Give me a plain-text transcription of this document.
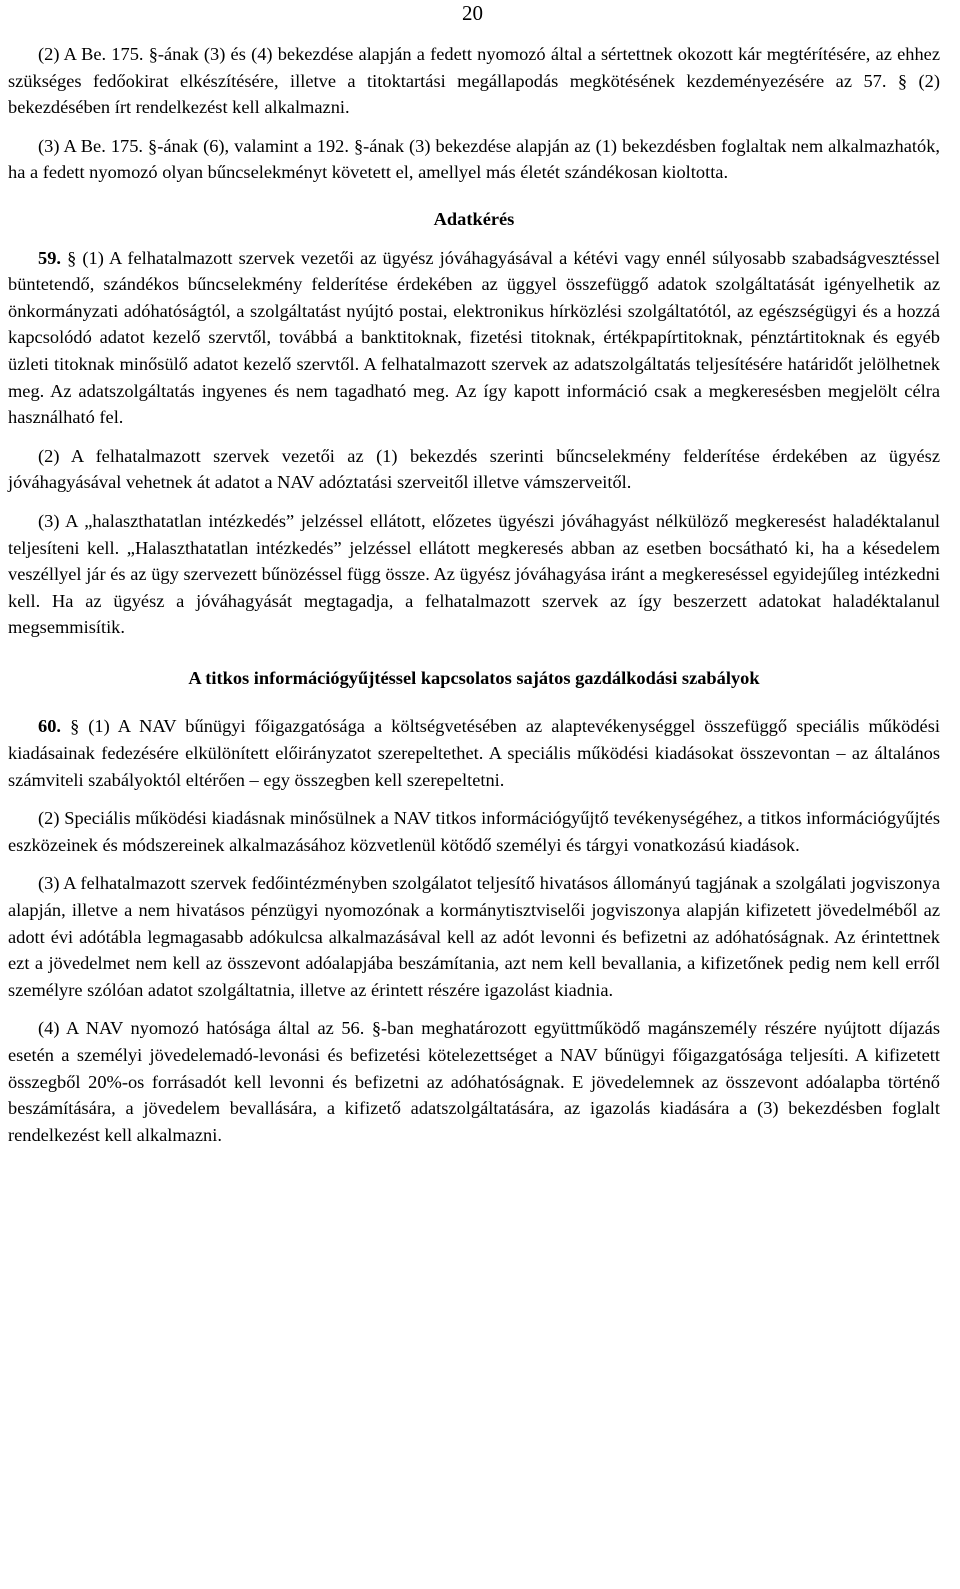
20

(2) A Be. 175. §-ának (3) és (4) bekezdése alapján a fedett nyomozó által a sértettnek okozott kár megtérítésére, az ehhez szükséges fedőokirat elkészítésére, illetve a titoktartási megállapodás megkötésének kezdeményezésére az 57. § (2) bekezdésében írt rendelkezést kell alkalmazni.

(3) A Be. 175. §-ának (6), valamint a 192. §-ának (3) bekezdése alapján az (1) bekezdésben foglaltak nem alkalmazhatók, ha a fedett nyomozó olyan bűncselekményt követett el, amellyel más életét szándékosan kioltotta.

Adatkérés

59. § (1) A felhatalmazott szervek vezetői az ügyész jóváhagyásával a kétévi vagy ennél súlyosabb szabadságvesztéssel büntetendő, szándékos bűncselekmény felderítése érdekében az üggyel összefüggő adatok szolgáltatását igényelhetik az önkormányzati adóhatóságtól, a szolgáltatást nyújtó postai, elektronikus hírközlési szolgáltatótól, az egészségügyi és a hozzá kapcsolódó adatot kezelő szervtől, továbbá a banktitoknak, fizetési titoknak, értékpapírtitoknak, pénztártitoknak és egyéb üzleti titoknak minősülő adatot kezelő szervtől. A felhatalmazott szervek az adatszolgáltatás teljesítésére határidőt jelölhetnek meg. Az adatszolgáltatás ingyenes és nem tagadható meg. Az így kapott információ csak a megkeresésben megjelölt célra használható fel.

(2) A felhatalmazott szervek vezetői az (1) bekezdés szerinti bűncselekmény felderítése érdekében az ügyész jóváhagyásával vehetnek át adatot a NAV adóztatási szerveitől illetve vámszerveitől.

(3) A „halaszthatatlan intézkedés” jelzéssel ellátott, előzetes ügyészi jóváhagyást nélkülöző megkeresést haladéktalanul teljesíteni kell. „Halaszthatatlan intézkedés” jelzéssel ellátott megkeresés abban az esetben bocsátható ki, ha a késedelem veszéllyel jár és az ügy szervezett bűnözéssel függ össze. Az ügyész jóváhagyása iránt a megkereséssel egyidejűleg intézkedni kell. Ha az ügyész a jóváhagyását megtagadja, a felhatalmazott szervek az így beszerzett adatokat haladéktalanul megsemmisítik.

A titkos információgyűjtéssel kapcsolatos sajátos gazdálkodási szabályok

60. § (1) A NAV bűnügyi főigazgatósága a költségvetésében az alaptevékenységgel összefüggő speciális működési kiadásainak fedezésére elkülönített előirányzatot szerepeltethet. A speciális működési kiadásokat összevontan – az általános számviteli szabályoktól eltérően – egy összegben kell szerepeltetni.

(2) Speciális működési kiadásnak minősülnek a NAV titkos információgyűjtő tevékenységéhez, a titkos információgyűjtés eszközeinek és módszereinek alkalmazásához közvetlenül kötődő személyi és tárgyi vonatkozású kiadások.

(3) A felhatalmazott szervek fedőintézményben szolgálatot teljesítő hivatásos állományú tagjának a szolgálati jogviszonya alapján, illetve a nem hivatásos pénzügyi nyomozónak a kormánytisztviselői jogviszonya alapján kifizetett jövedelméből az adott évi adótábla legmagasabb adókulcsa alkalmazásával kell az adót levonni és befizetni az adóhatóságnak. Az érintettnek ezt a jövedelmet nem kell az összevont adóalapjába beszámítania, azt nem kell bevallania, a kifizetőnek pedig nem kell erről személyre szólóan adatot szolgáltatnia, illetve az érintett részére igazolást kiadnia.

(4) A NAV nyomozó hatósága által az 56. §-ban meghatározott együttműködő magánszemély részére nyújtott díjazás esetén a személyi jövedelemadó-levonási és befizetési kötelezettséget a NAV bűnügyi főigazgatósága teljesíti. A kifizetett összegből 20%-os forrásadót kell levonni és befizetni az adóhatóságnak. E jövedelemnek az összevont adóalapba történő beszámítására, a jövedelem bevallására, a kifizető adatszolgáltatására, az igazolás kiadására a (3) bekezdésben foglalt rendelkezést kell alkalmazni.
